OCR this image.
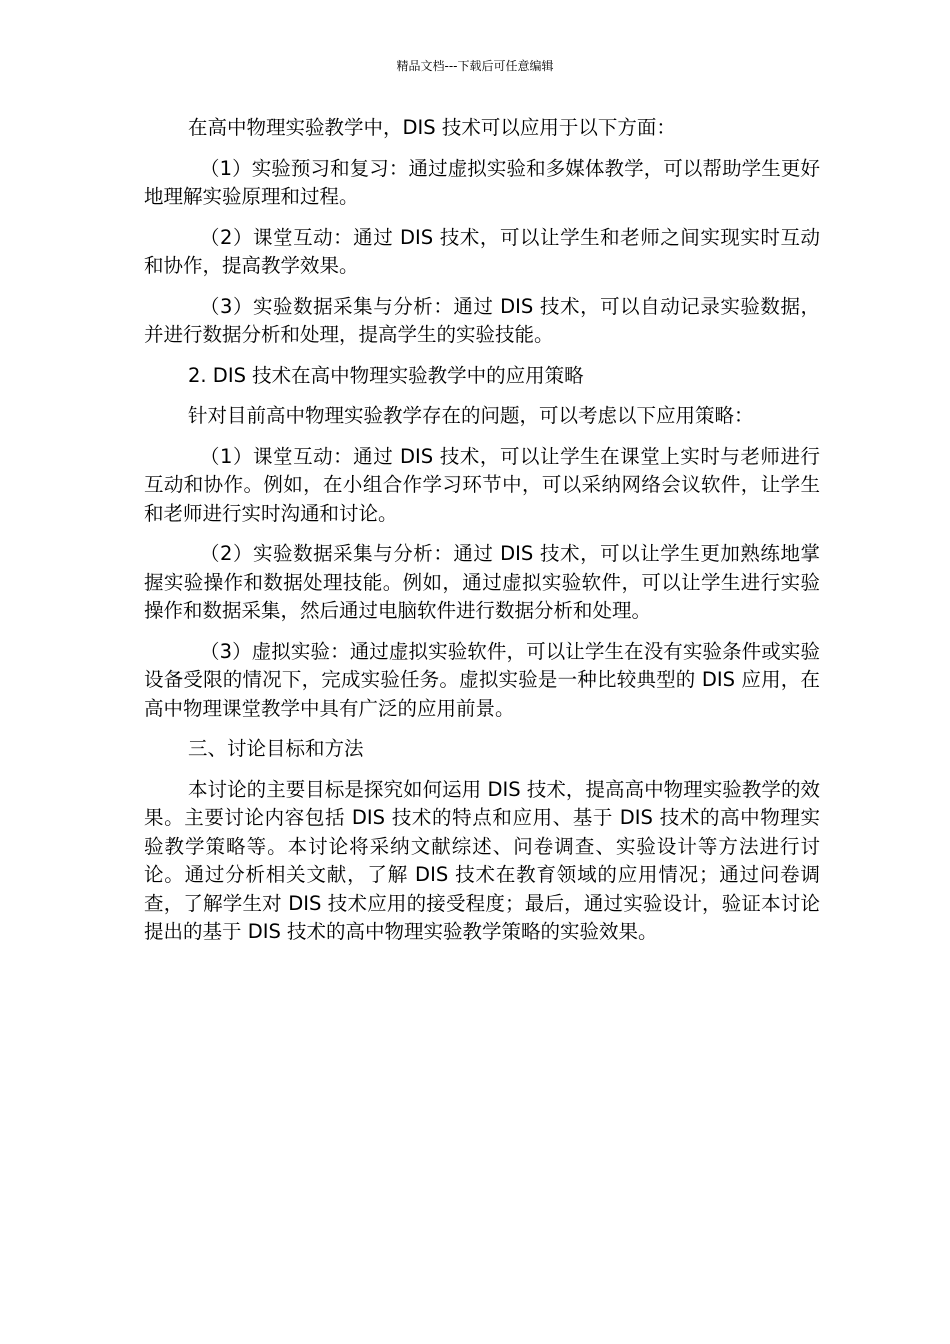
精品文档---下载后可任意编辑

在高中物理实验教学中，DIS 技术可以应用于以下方面：

（1）实验预习和复习：通过虚拟实验和多媒体教学，可以帮助学生更好地理解实验原理和过程。

（2）课堂互动：通过 DIS 技术，可以让学生和老师之间实现实时互动和协作，提高教学效果。

（3）实验数据采集与分析：通过 DIS 技术，可以自动记录实验数据，并进行数据分析和处理，提高学生的实验技能。

2. DIS 技术在高中物理实验教学中的应用策略

针对目前高中物理实验教学存在的问题，可以考虑以下应用策略：

（1）课堂互动：通过 DIS 技术，可以让学生在课堂上实时与老师进行互动和协作。例如，在小组合作学习环节中，可以采纳网络会议软件，让学生和老师进行实时沟通和讨论。

（2）实验数据采集与分析：通过 DIS 技术，可以让学生更加熟练地掌握实验操作和数据处理技能。例如，通过虚拟实验软件，可以让学生进行实验操作和数据采集，然后通过电脑软件进行数据分析和处理。

（3）虚拟实验：通过虚拟实验软件，可以让学生在没有实验条件或实验设备受限的情况下，完成实验任务。虚拟实验是一种比较典型的 DIS 应用，在高中物理课堂教学中具有广泛的应用前景。

三、讨论目标和方法

本讨论的主要目标是探究如何运用 DIS 技术，提高高中物理实验教学的效果。主要讨论内容包括 DIS 技术的特点和应用、基于 DIS 技术的高中物理实验教学策略等。本讨论将采纳文献综述、问卷调查、实验设计等方法进行讨论。通过分析相关文献，了解 DIS 技术在教育领域的应用情况；通过问卷调查，了解学生对 DIS 技术应用的接受程度；最后，通过实验设计，验证本讨论提出的基于 DIS 技术的高中物理实验教学策略的实验效果。
